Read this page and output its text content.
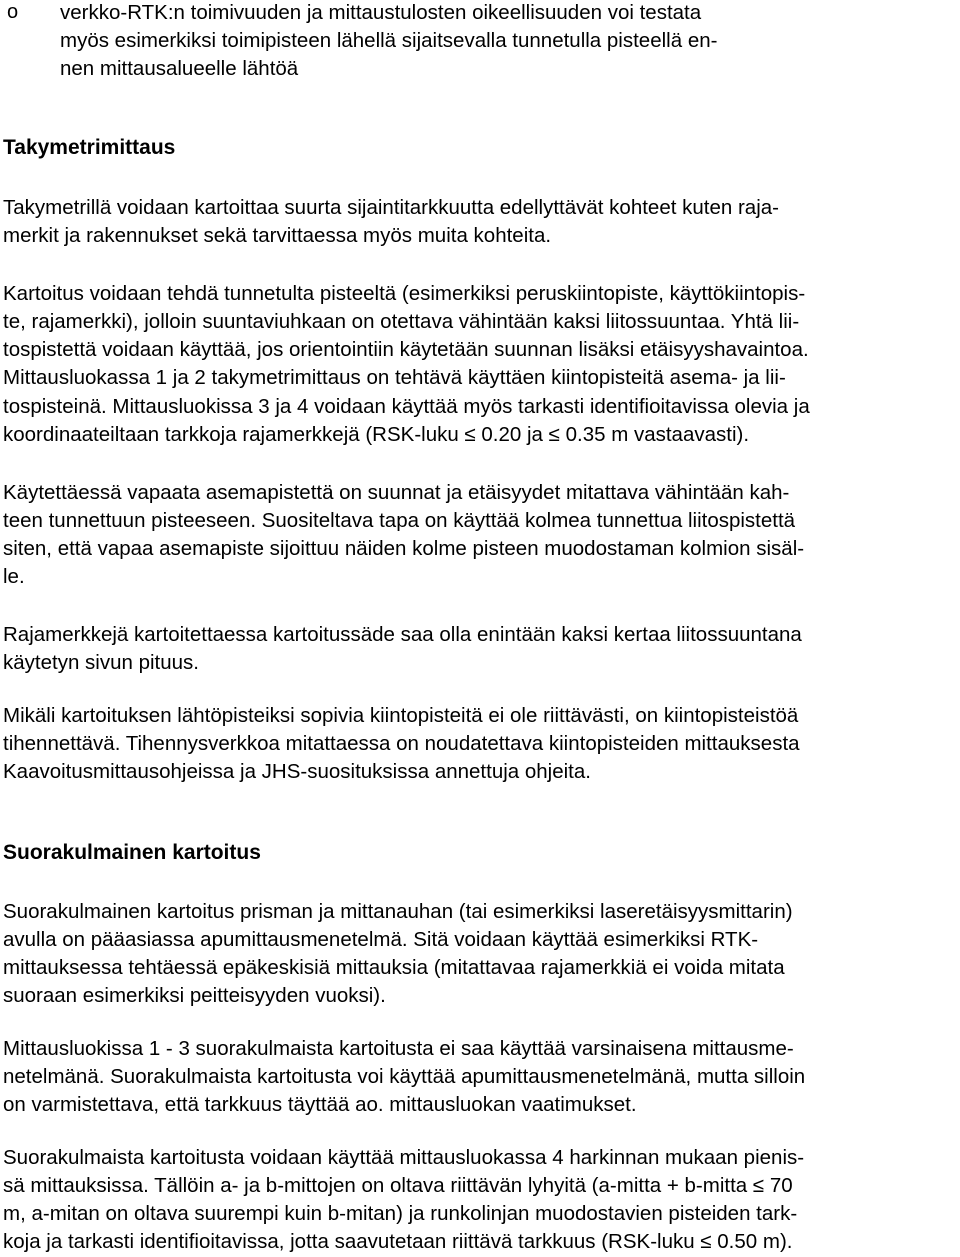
o verkko-RTK:n toimivuuden ja mittaustulosten oikeellisuuden voi testata
myös esimerkiksi toimipisteen lähellä sijaitsevalla tunnetulla pisteellä en-
nen mittausalueelle lähtöä
Takymetrimittaus
Takymetrillä voidaan kartoittaa suurta sijaintitarkkuutta edellyttävät kohteet kuten raja-
merkit ja rakennukset sekä tarvittaessa myös muita kohteita.
Kartoitus voidaan tehdä tunnetulta pisteeltä (esimerkiksi peruskiintopiste, käyttökiintopis-
te, rajamerkki), jolloin suuntaviuhkaan on otettava vähintään kaksi liitossuuntaa. Yhtä lii-
tospistettä voidaan käyttää, jos orientointiin käytetään suunnan lisäksi etäisyyshavaintoa.
Mittausluokassa 1 ja 2 takymetrimittaus on tehtävä käyttäen kiintopisteitä asema- ja lii-
tospisteinä. Mittausluokissa 3 ja 4 voidaan käyttää myös tarkasti identifioitavissa olevia ja
koordinaateiltaan tarkkoja rajamerkkejä (RSK-luku ≤ 0.20 ja ≤ 0.35 m vastaavasti).
Käytettäessä vapaata asemapistettä on suunnat ja etäisyydet mitattava vähintään kah-
teen tunnettuun pisteeseen. Suositeltava tapa on käyttää kolmea tunnettua liitospistettä
siten, että vapaa asemapiste sijoittuu näiden kolme pisteen muodostaman kolmion sisäl-
le.
Rajamerkkejä kartoitettaessa kartoitussäde saa olla enintään kaksi kertaa liitossuuntana
käytetyn sivun pituus.
Mikäli kartoituksen lähtöpisteiksi sopivia kiintopisteitä ei ole riittävästi, on kiintopisteistöä
tihennettävä. Tihennysverkkoa mitattaessa on noudatettava kiintopisteiden mittauksesta
Kaavoitusmittausohjeissa ja JHS-suosituksissa annettuja ohjeita.
Suorakulmainen kartoitus
Suorakulmainen kartoitus prisman ja mittanauhan (tai esimerkiksi laseretäisyysmittarin)
avulla on pääasiassa apumittausmenetelmä. Sitä voidaan käyttää esimerkiksi RTK-
mittauksessa tehtäessä epäkeskisiä mittauksia (mitattavaa rajamerkkiä ei voida mitata
suoraan esimerkiksi peitteisyyden vuoksi).
Mittausluokissa 1 - 3 suorakulmaista kartoitusta ei saa käyttää varsinaisena mittausme-
netelmänä. Suorakulmaista kartoitusta voi käyttää apumittausmenetelmänä, mutta silloin
on varmistettava, että tarkkuus täyttää ao. mittausluokan vaatimukset.
Suorakulmaista kartoitusta voidaan käyttää mittausluokassa 4 harkinnan mukaan pienis-
sä mittauksissa. Tällöin a- ja b-mittojen on oltava riittävän lyhyitä (a-mitta + b-mitta ≤ 70
m, a-mitan on oltava suurempi kuin b-mitan) ja runkolinjan muodostavien pisteiden tark-
koja ja tarkasti identifioitavissa, jotta saavutetaan riittävä tarkkuus (RSK-luku ≤ 0.50 m).
